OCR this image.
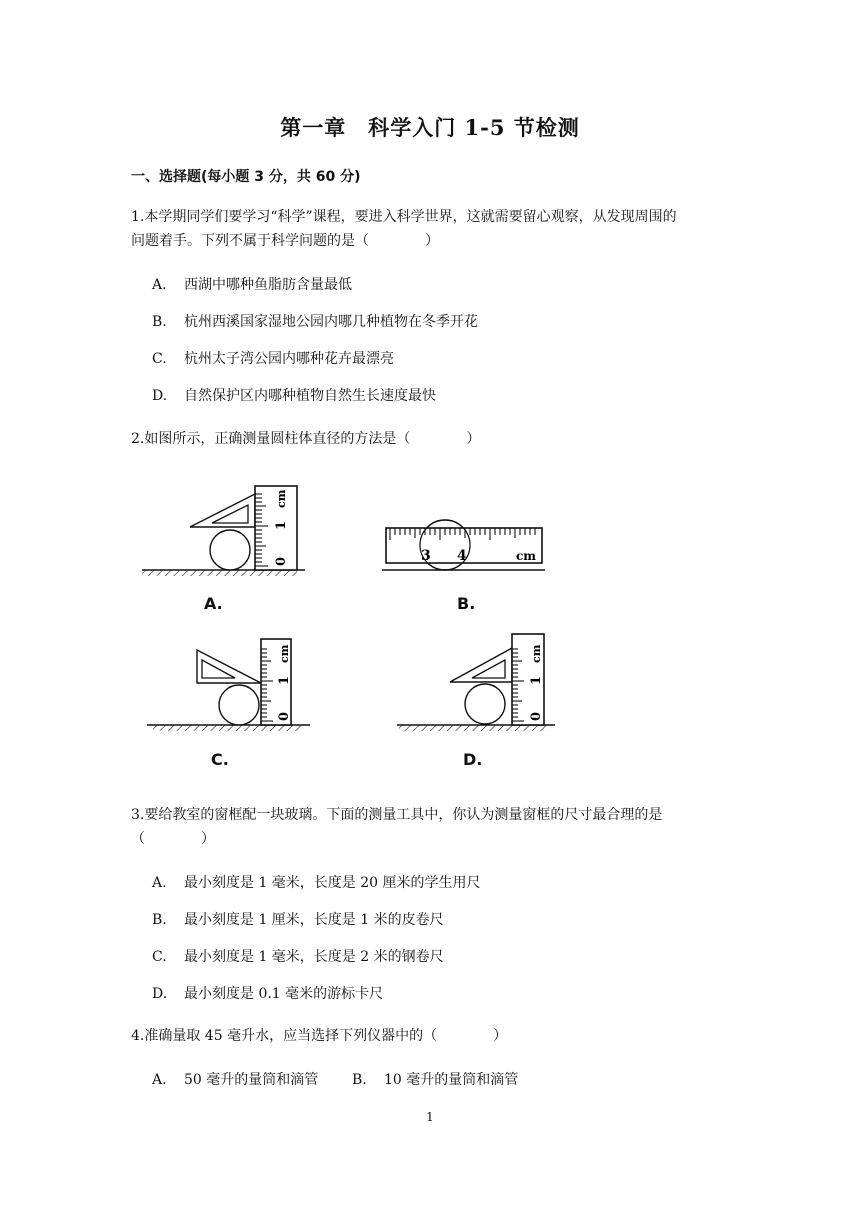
第一章　科学入门 1-5 节检测
一、选择题(每小题 3 分，共 60 分)
1.本学期同学们要学习“科学”课程，要进入科学世界，这就需要留心观察，从发现周围的
问题着手。下列不属于科学问题的是（　　　　）
A. 西湖中哪种鱼脂肪含量最低
B. 杭州西溪国家湿地公园内哪几种植物在冬季开花
C. 杭州太子湾公园内哪种花卉最漂亮
D. 自然保护区内哪种植物自然生长速度最快
2.如图所示，正确测量圆柱体直径的方法是（　　　　）
0
1
cm
A.
3 4	cm
B.
0
1
cm
C.
0
1
cm
D.
3.要给教室的窗框配一块玻璃。下面的测量工具中，你认为测量窗框的尺寸最合理的是
（　　　　）
A. 最小刻度是 1 毫米，长度是 20 厘米的学生用尺
B. 最小刻度是 1 厘米，长度是 1 米的皮卷尺
C. 最小刻度是 1 毫米，长度是 2 米的钢卷尺
D. 最小刻度是 0.1 毫米的游标卡尺
4.准确量取 45 毫升水，应当选择下列仪器中的（　　　　）
A. 50 毫升的量筒和滴管 B. 10 毫升的量筒和滴管
1
